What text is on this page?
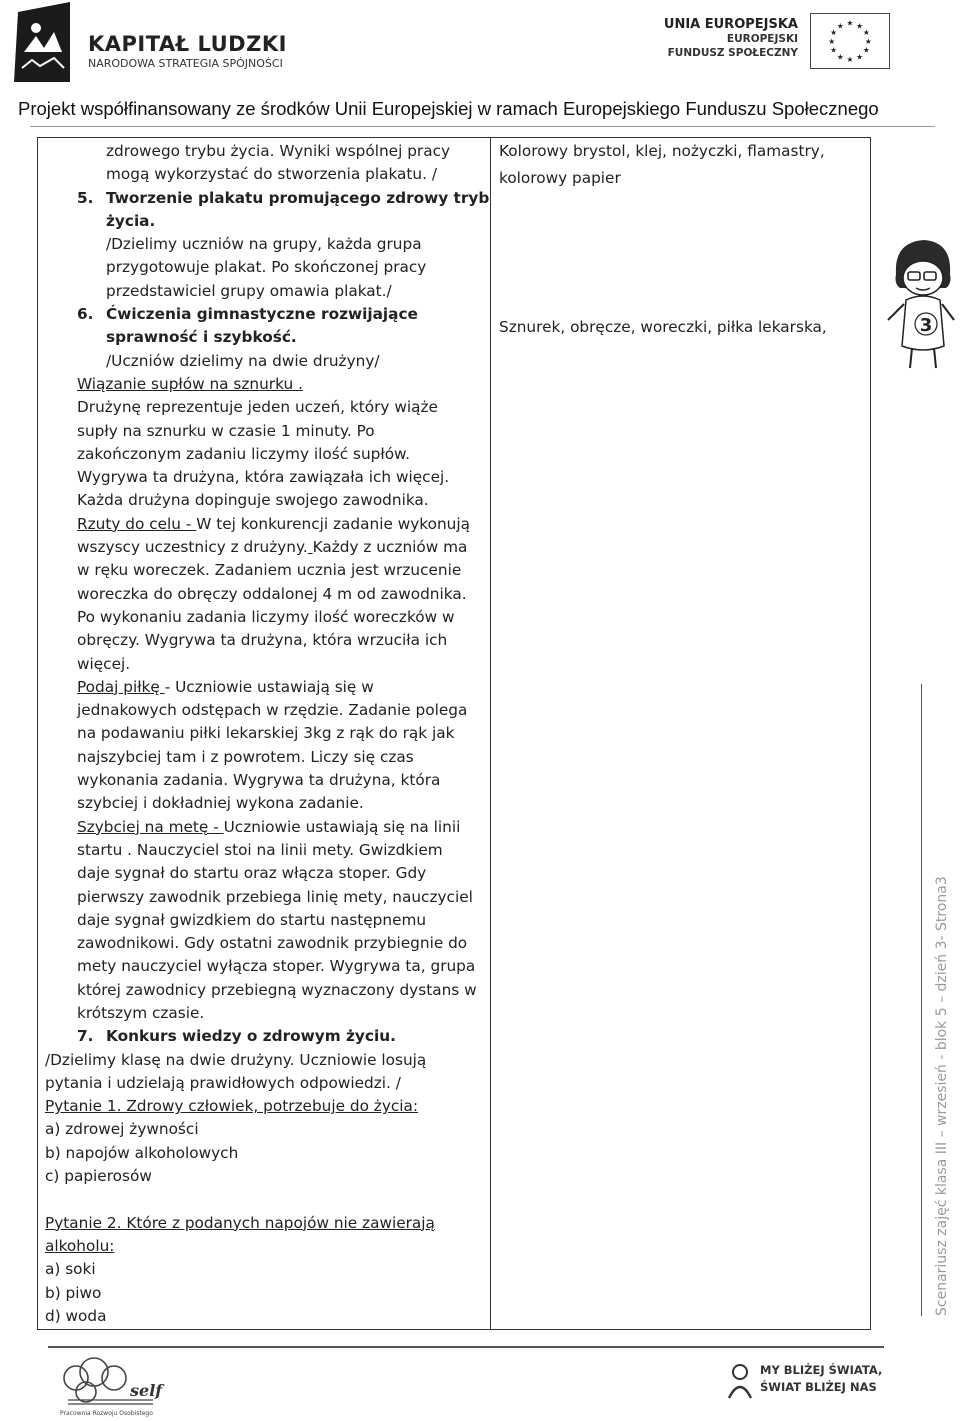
KAPITAŁ LUDZKI
NARODOWA STRATEGIA SPÓJNOŚCI
UNIA EUROPEJSKA
EUROPEJSKI
FUNDUSZ SPOŁECZNY
★ ★
★
★
★
★
★
★
★
★
★
★
Projekt współfinansowany ze środków Unii Europejskiej w ramach Europejskiego Funduszu Społecznego
zdrowego trybu życia. Wyniki wspólnej pracy
mogą wykorzystać do stworzenia plakatu. /
5. Tworzenie plakatu promującego zdrowy tryb
życia.
/Dzielimy uczniów na grupy, każda grupa
przygotowuje plakat. Po skończonej pracy
przedstawiciel grupy omawia plakat./
6. Ćwiczenia gimnastyczne rozwijające
sprawność i szybkość.
/Uczniów dzielimy na dwie drużyny/
Wiązanie supłów na sznurku .
Drużynę reprezentuje jeden uczeń, który wiąże
supły na sznurku w czasie 1 minuty. Po
zakończonym zadaniu liczymy ilość supłów.
Wygrywa ta drużyna, która zawiązała ich więcej.
Każda drużyna dopinguje swojego zawodnika.
Rzuty do celu - W tej konkurencji zadanie wykonują
wszyscy uczestnicy z drużyny. Każdy z uczniów ma
w ręku woreczek. Zadaniem ucznia jest wrzucenie
woreczka do obręczy oddalonej 4 m od zawodnika.
Po wykonaniu zadania liczymy ilość woreczków w
obręczy. Wygrywa ta drużyna, która wrzuciła ich
więcej.
Podaj piłkę - Uczniowie ustawiają się w
jednakowych odstępach w rzędzie. Zadanie polega
na podawaniu piłki lekarskiej 3kg z rąk do rąk jak
najszybciej tam i z powrotem. Liczy się czas
wykonania zadania. Wygrywa ta drużyna, która
szybciej i dokładniej wykona zadanie.
Szybciej na metę - Uczniowie ustawiają się na linii
startu . Nauczyciel stoi na linii mety. Gwizdkiem
daje sygnał do startu oraz włącza stoper. Gdy
pierwszy zawodnik przebiega linię mety, nauczyciel
daje sygnał gwizdkiem do startu następnemu
zawodnikowi. Gdy ostatni zawodnik przybiegnie do
mety nauczyciel wyłącza stoper. Wygrywa ta, grupa
której zawodnicy przebiegną wyznaczony dystans w
krótszym czasie.
7. Konkurs wiedzy o zdrowym życiu.
/Dzielimy klasę na dwie drużyny. Uczniowie losują
pytania i udzielają prawidłowych odpowiedzi. /
Pytanie 1. Zdrowy człowiek, potrzebuje do życia:
a) zdrowej żywności
b) napojów alkoholowych
c) papierosów
Pytanie 2. Które z podanych napojów nie zawierają
alkoholu:
a) soki
b) piwo
d) woda
Kolorowy brystol, klej, nożyczki, flamastry,
kolorowy papier
Sznurek, obręcze, woreczki, piłka lekarska,	3
Scenariusz zajęć klasa III – wrzesień - blok 5 – dzień 3- Strona3
self
Pracownia Rozwoju Osobistego
MY BLIŻEJ ŚWIATA,
ŚWIAT BLIŻEJ NAS
